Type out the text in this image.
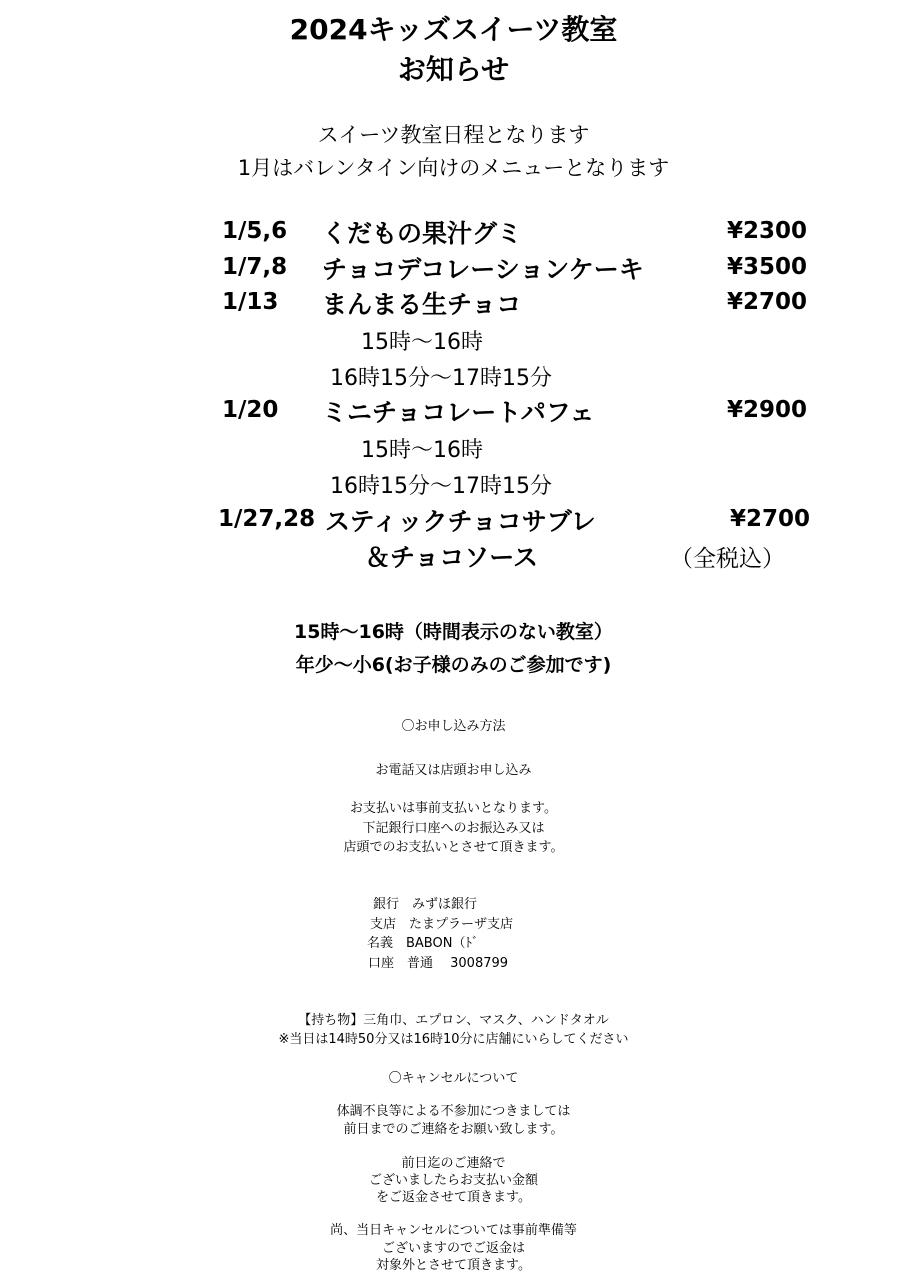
2024キッズスイーツ教室
お知らせ
スイーツ教室日程となります
1月はバレンタイン向けのメニューとなります
1/5,6 くだもの果汁グミ	¥2300
1/7,8 チョコデコレーションケーキ	¥3500
1/13 まんまる生チョコ	¥2700
15時〜16時
16時15分〜17時15分
1/20 ミニチョコレートパフェ	¥2900
15時〜16時
16時15分〜17時15分
1/27,28 スティックチョコサブレ	¥2700
＆チョコソース	（全税込）
15時〜16時（時間表示のない教室）
年少〜小6(お子様のみのご参加です)
〇お申し込み方法
お電話又は店頭お申し込み
お支払いは事前支払いとなります。
下記銀行口座へのお振込み又は
店頭でのお支払いとさせて頂きます。
銀行　みずほ銀行
支店　たまプラーザ支店
名義　BABON（ﾄﾞ
口座　普通　 3008799
【持ち物】三角巾、エプロン、マスク、ハンドタオル
※当日は14時50分又は16時10分に店舗にいらしてください
〇キャンセルについて
体調不良等による不参加につきましては
前日までのご連絡をお願い致します。
前日迄のご連絡で
ございましたらお支払い金額
をご返金させて頂きます。
尚、当日キャンセルについては事前準備等
ございますのでご返金は
対象外とさせて頂きます。
